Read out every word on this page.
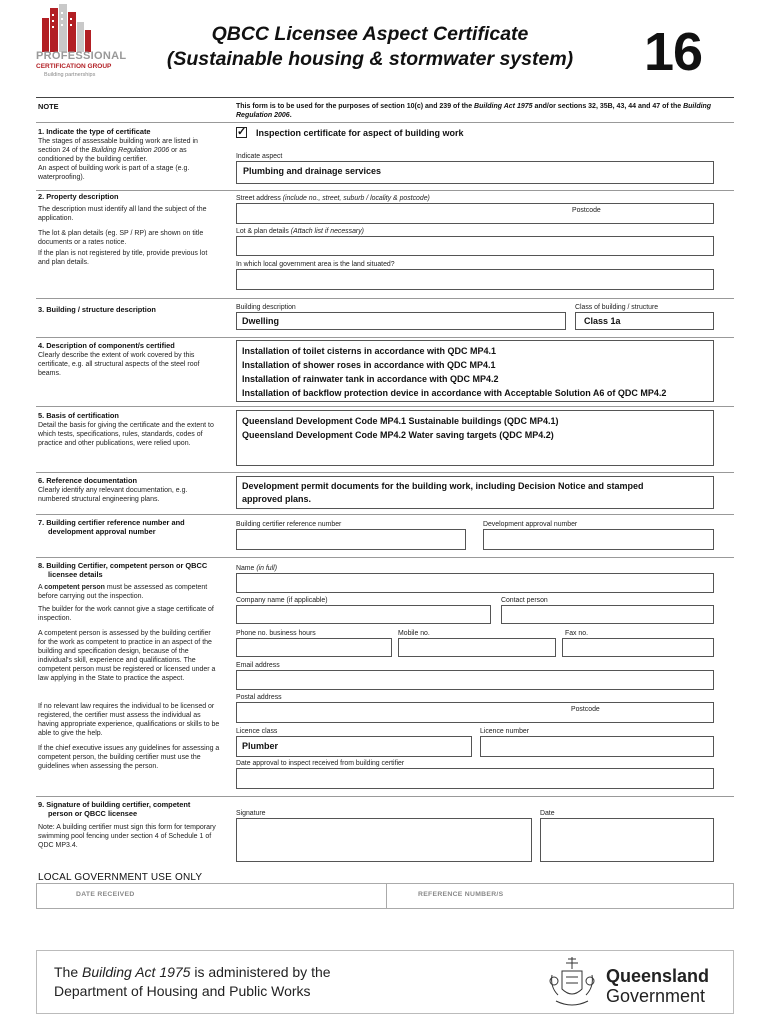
PROFESSIONAL
CERTIFICATION GROUP
Building partnerships
QBCC Licensee Aspect Certificate
(Sustainable housing & stormwater system)	16
NOTE	This form is to be used for the purposes of section 10(c) and 239 of the Building Act 1975 and/or sections 32, 35B, 43, 44 and 47 of the Building Regulation 2006.
1. Indicate the type of certificate
The stages of assessable building work are listed in section 24 of the Building Regulation 2006 or as conditioned by the building certifier.
An aspect of building work is part of a stage (e.g. waterproofing).
✓ Inspection certificate for aspect of building work
Indicate aspect
Plumbing and drainage services
2. Property description
The description must identify all land the subject of the application.
The lot & plan details (eg. SP / RP) are shown on title documents or a rates notice.
If the plan is not registered by title, provide previous lot and plan details.
Street address (include no., street, suburb / locality & postcode)
Postcode
Lot & plan details (Attach list if necessary)
In which local government area is the land situated?
3. Building / structure description	Building description
Dwelling
Class of building / structure
Class 1a
4. Description of component/s certified
Clearly describe the extent of work covered by this certificate, e.g. all structural aspects of the steel roof beams.
Installation of toilet cisterns in accordance with QDC MP4.1
Installation of shower roses in accordance with QDC MP4.1
Installation of rainwater tank in accordance with QDC MP4.2
Installation of backflow protection device in accordance with Acceptable Solution A6 of QDC MP4.2
5. Basis of certification
Detail the basis for giving the certificate and the extent to which tests, specifications, rules, standards, codes of practice and other publications, were relied upon.
Queensland Development Code MP4.1 Sustainable buildings (QDC MP4.1)
Queensland Development Code MP4.2 Water saving targets (QDC MP4.2)
6. Reference documentation
Clearly identify any relevant documentation, e.g. numbered structural engineering plans.
Development permit documents for the building work, including Decision Notice and stamped
approved plans.
7. Building certifier reference number and
development approval number
Building certifier reference number	Development approval number
8. Building Certifier, competent person or QBCC
licensee details
A competent person must be assessed as competent before carrying out the inspection.
The builder for the work cannot give a stage certificate of inspection.
A competent person is assessed by the building certifier for the work as competent to practice in an aspect of the building and specification design, because of the individual's skill, experience and qualifications. The competent person must be registered or licensed under a law applying in the State to practice the aspect.
If no relevant law requires the individual to be licensed or registered, the certifier must assess the individual as having appropriate experience, qualifications or skills to be able to give the help.
If the chief executive issues any guidelines for assessing a competent person, the building certifier must use the guidelines when assessing the person.
Name (in full)
Company name (if applicable)	Contact person
Phone no. business hours	Mobile no.	Fax no.
Email address
Postal address
Postcode
Licence class
Plumber
Licence number
Date approval to inspect received from building certifier
9. Signature of building certifier, competent
person or QBCC licensee
Note: A building certifier must sign this form for temporary swimming pool fencing under section 4 of Schedule 1 of QDC MP3.4.
Signature	Date
LOCAL GOVERNMENT USE ONLY
DATE RECEIVED	REFERENCE NUMBER/S
The Building Act 1975 is administered by the
Department of Housing and Public Works
Queensland
Government
